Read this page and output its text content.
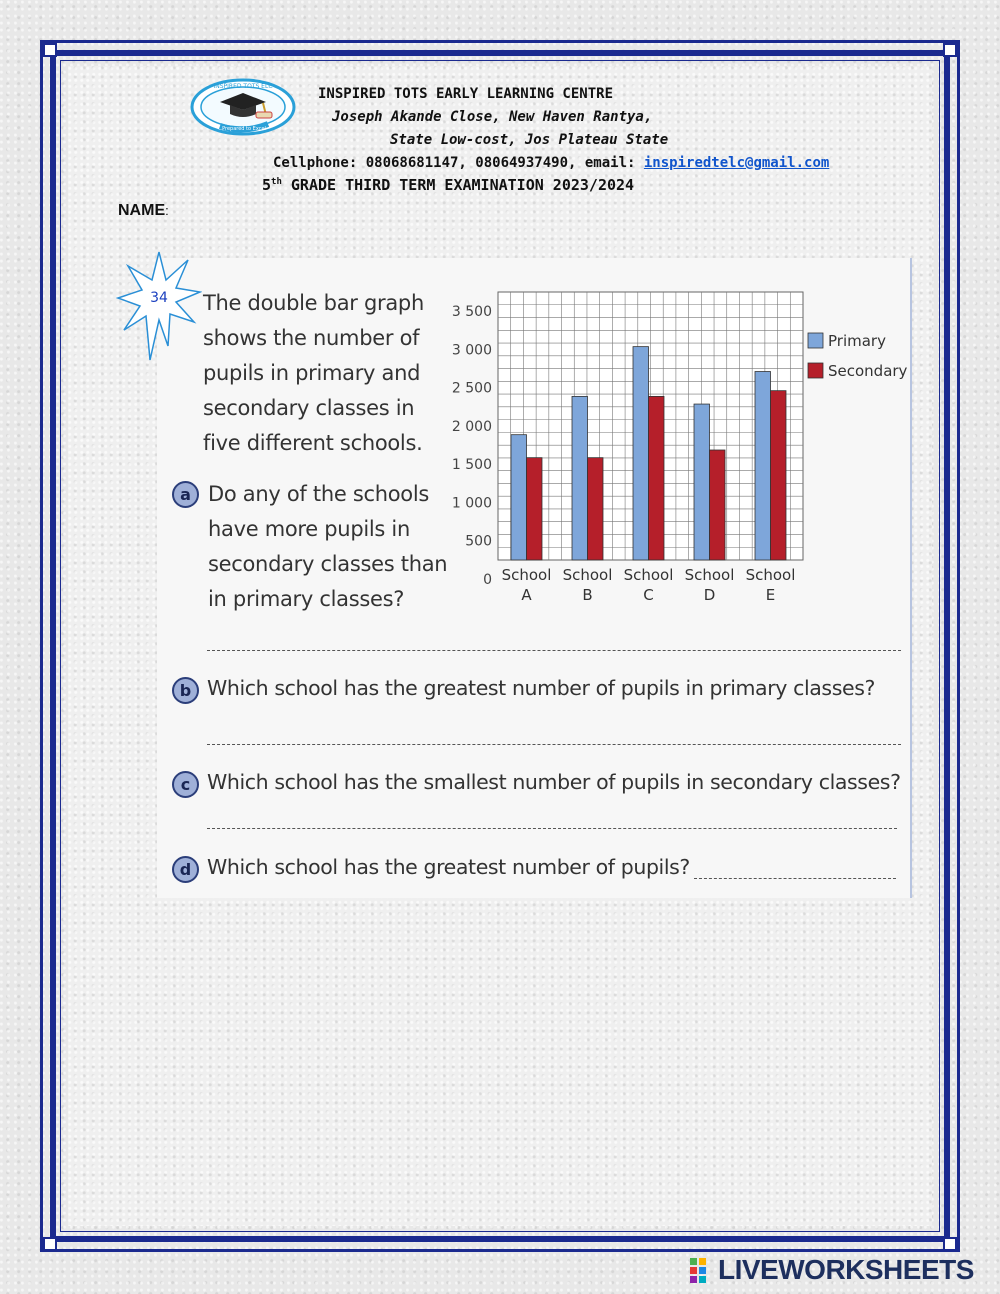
INSPIRED TOTS ELC
Prepared to Excel
INSPIRED TOTS EARLY LEARNING CENTRE
Joseph Akande Close, New Haven Rantya,
State Low-cost, Jos Plateau State
Cellphone: 08068681147, 08064937490, email: inspiredtelc@gmail.com
5th GRADE THIRD TERM EXAMINATION 2023/2024
NAME:
34 The double bar graph shows the number of pupils in primary and secondary classes in five different schools.
a Do any of the schools have more pupils in secondary classes than in primary classes?
b Which school has the greatest number of pupils in primary classes?
c Which school has the smallest number of pupils in secondary classes?
d Which school has the greatest number of pupils?
0
500
1 000
1 500
2 000
2 500
3 000
3 500
School
A
School
B
School
C
School
D
School
E
Primary
Secondary
LIVEWORKSHEETS
